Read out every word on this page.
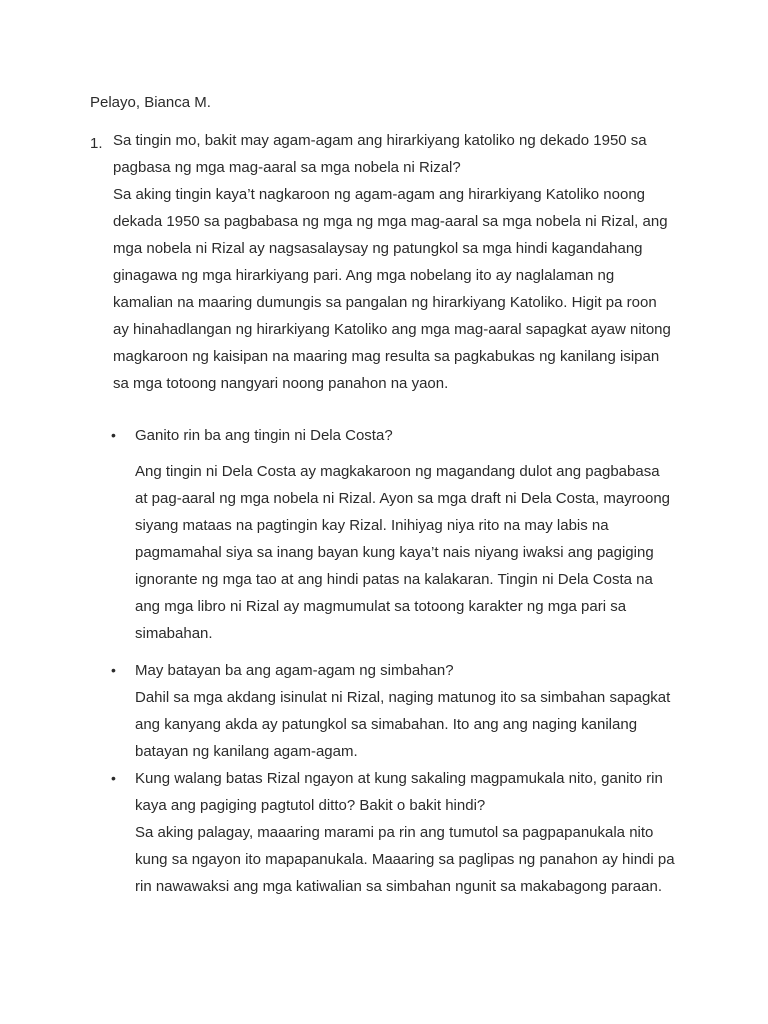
Pelayo, Bianca M.
1. Sa tingin mo, bakit may agam-agam ang hirarkiyang katoliko ng dekado 1950 sa
pagbasa ng mga mag-aaral sa mga nobela ni Rizal?
Sa aking tingin kaya’t nagkaroon ng agam-agam ang hirarkiyang Katoliko noong
dekada 1950 sa pagbabasa ng mga ng mga mag-aaral sa mga nobela ni Rizal, ang
mga nobela ni Rizal ay nagsasalaysay ng patungkol sa mga hindi kagandahang
ginagawa ng mga hirarkiyang pari. Ang mga nobelang ito ay naglalaman ng
kamalian na maaring dumungis sa pangalan ng hirarkiyang Katoliko. Higit pa roon
ay hinahadlangan ng hirarkiyang Katoliko ang mga mag-aaral sapagkat ayaw nitong
magkaroon ng kaisipan na maaring mag resulta sa pagkabukas ng kanilang isipan
sa mga totoong nangyari noong panahon na yaon.
• Ganito rin ba ang tingin ni Dela Costa?
Ang tingin ni Dela Costa ay magkakaroon ng magandang dulot ang pagbabasa
at pag-aaral ng mga nobela ni Rizal. Ayon sa mga draft ni Dela Costa, mayroong
siyang mataas na pagtingin kay Rizal. Inihiyag niya rito na may labis na
pagmamahal siya sa inang bayan kung kaya’t nais niyang iwaksi ang pagiging
ignorante ng mga tao at ang hindi patas na kalakaran. Tingin ni Dela Costa na
ang mga libro ni Rizal ay magmumulat sa totoong karakter ng mga pari sa
simabahan.
• May batayan ba ang agam-agam ng simbahan?
Dahil sa mga akdang isinulat ni Rizal, naging matunog ito sa simbahan sapagkat
ang kanyang akda ay patungkol sa simabahan. Ito ang ang naging kanilang
batayan ng kanilang agam-agam.
• Kung walang batas Rizal ngayon at kung sakaling magpamukala nito, ganito rin
kaya ang pagiging pagtutol ditto? Bakit o bakit hindi?
Sa aking palagay, maaaring marami pa rin ang tumutol sa pagpapanukala nito
kung sa ngayon ito mapapanukala. Maaaring sa paglipas ng panahon ay hindi pa
rin nawawaksi ang mga katiwalian sa simbahan ngunit sa makabagong paraan.
